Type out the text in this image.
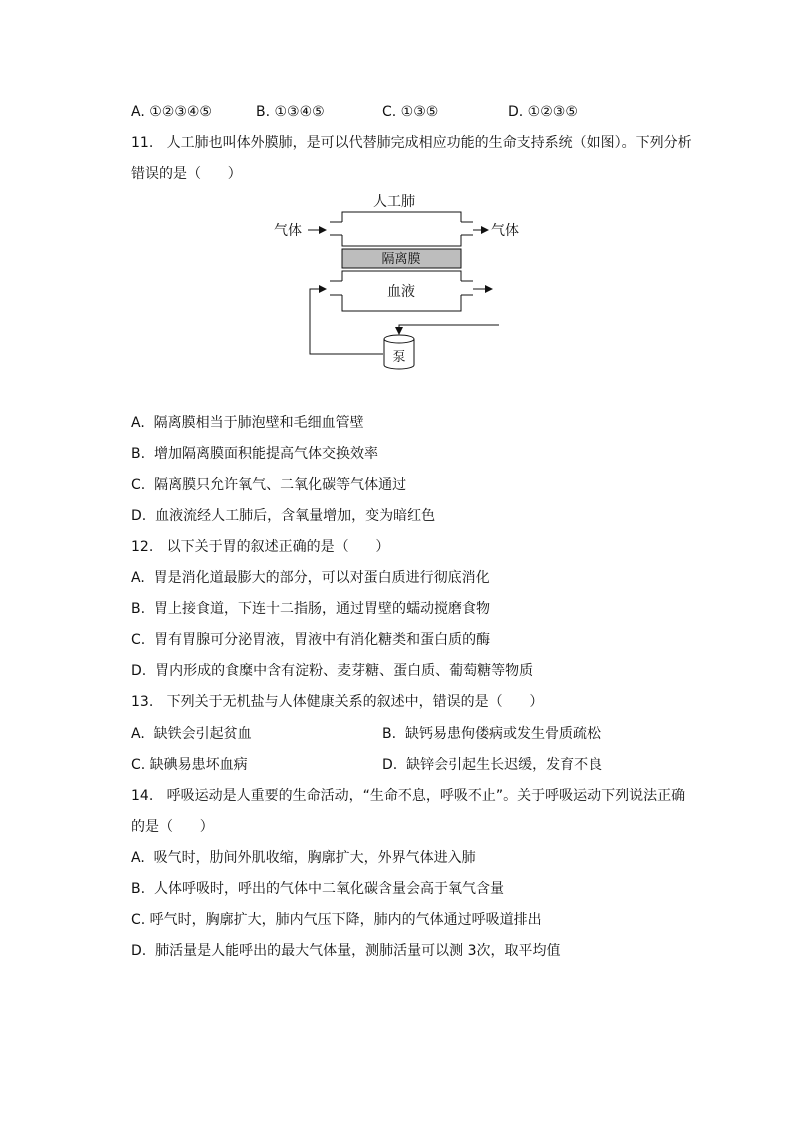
A. ①②③④⑤	B. ①③④⑤	C. ①③⑤	D. ①②③⑤
11.   人工肺也叫体外膜肺，是可以代替肺完成相应功能的生命支持系统（如图）。下列分析
错误的是（      ）
人工肺
气体	气体
隔离膜
血液
泵
A.  隔离膜相当于肺泡壁和毛细血管壁
B.  增加隔离膜面积能提高气体交换效率
C.  隔离膜只允许氧气、二氧化碳等气体通过
D.  血液流经人工肺后，含氧量增加，变为暗红色
12.   以下关于胃的叙述正确的是（      ）
A.  胃是消化道最膨大的部分，可以对蛋白质进行彻底消化
B.  胃上接食道，下连十二指肠，通过胃壁的蠕动搅磨食物
C.  胃有胃腺可分泌胃液，胃液中有消化糖类和蛋白质的酶
D.  胃内形成的食糜中含有淀粉、麦芽糖、蛋白质、葡萄糖等物质
13.   下列关于无机盐与人体健康关系的叙述中，错误的是（      ）
A.  缺铁会引起贫血	B.  缺钙易患佝偻病或发生骨质疏松
C. 缺碘易患坏血病	D.  缺锌会引起生长迟缓，发育不良
14.   呼吸运动是人重要的生命活动，“生命不息，呼吸不止”。关于呼吸运动下列说法正确
的是（      ）
A.  吸气时，肋间外肌收缩，胸廓扩大，外界气体进入肺
B.  人体呼吸时，呼出的气体中二氧化碳含量会高于氧气含量
C. 呼气时，胸廓扩大，肺内气压下降，肺内的气体通过呼吸道排出
D.  肺活量是人能呼出的最大气体量，测肺活量可以测 3次，取平均值
